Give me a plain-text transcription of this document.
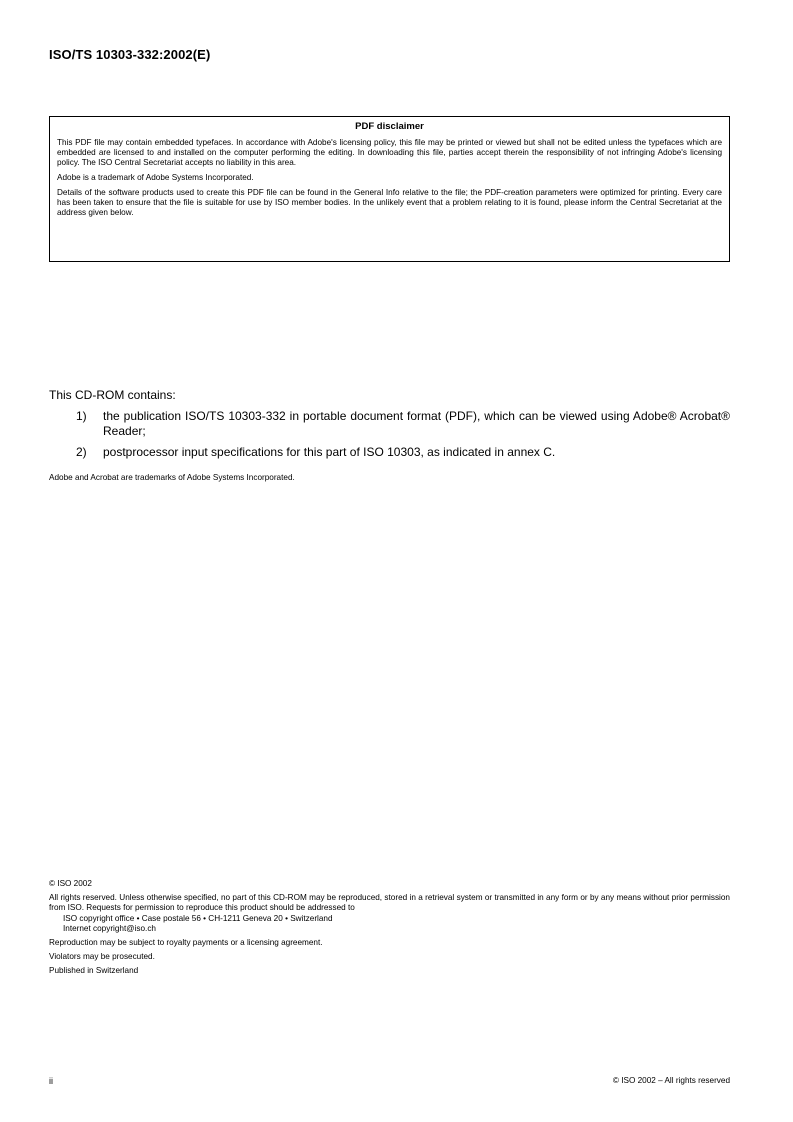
ISO/TS 10303-332:2002(E)
PDF disclaimer

This PDF file may contain embedded typefaces. In accordance with Adobe's licensing policy, this file may be printed or viewed but shall not be edited unless the typefaces which are embedded are licensed to and installed on the computer performing the editing. In downloading this file, parties accept therein the responsibility of not infringing Adobe's licensing policy. The ISO Central Secretariat accepts no liability in this area.

Adobe is a trademark of Adobe Systems Incorporated.

Details of the software products used to create this PDF file can be found in the General Info relative to the file; the PDF-creation parameters were optimized for printing. Every care has been taken to ensure that the file is suitable for use by ISO member bodies. In the unlikely event that a problem relating to it is found, please inform the Central Secretariat at the address given below.

This CD-ROM contains:

1) the publication ISO/TS 10303-332 in portable document format (PDF), which can be viewed using Adobe® Acrobat® Reader;
2) postprocessor input specifications for this part of ISO 10303, as indicated in annex C.
Adobe and Acrobat are trademarks of Adobe Systems Incorporated.

© ISO 2002

All rights reserved. Unless otherwise specified, no part of this CD-ROM may be reproduced, stored in a retrieval system or transmitted in any form or by any means without prior permission from ISO. Requests for permission to reproduce this product should be addressed to

ISO copyright office • Case postale 56 • CH-1211 Geneva 20 • Switzerland

Internet copyright@iso.ch

Reproduction may be subject to royalty payments or a licensing agreement.

Violators may be prosecuted.

Published in Switzerland

ii	© ISO 2002 – All rights reserved
